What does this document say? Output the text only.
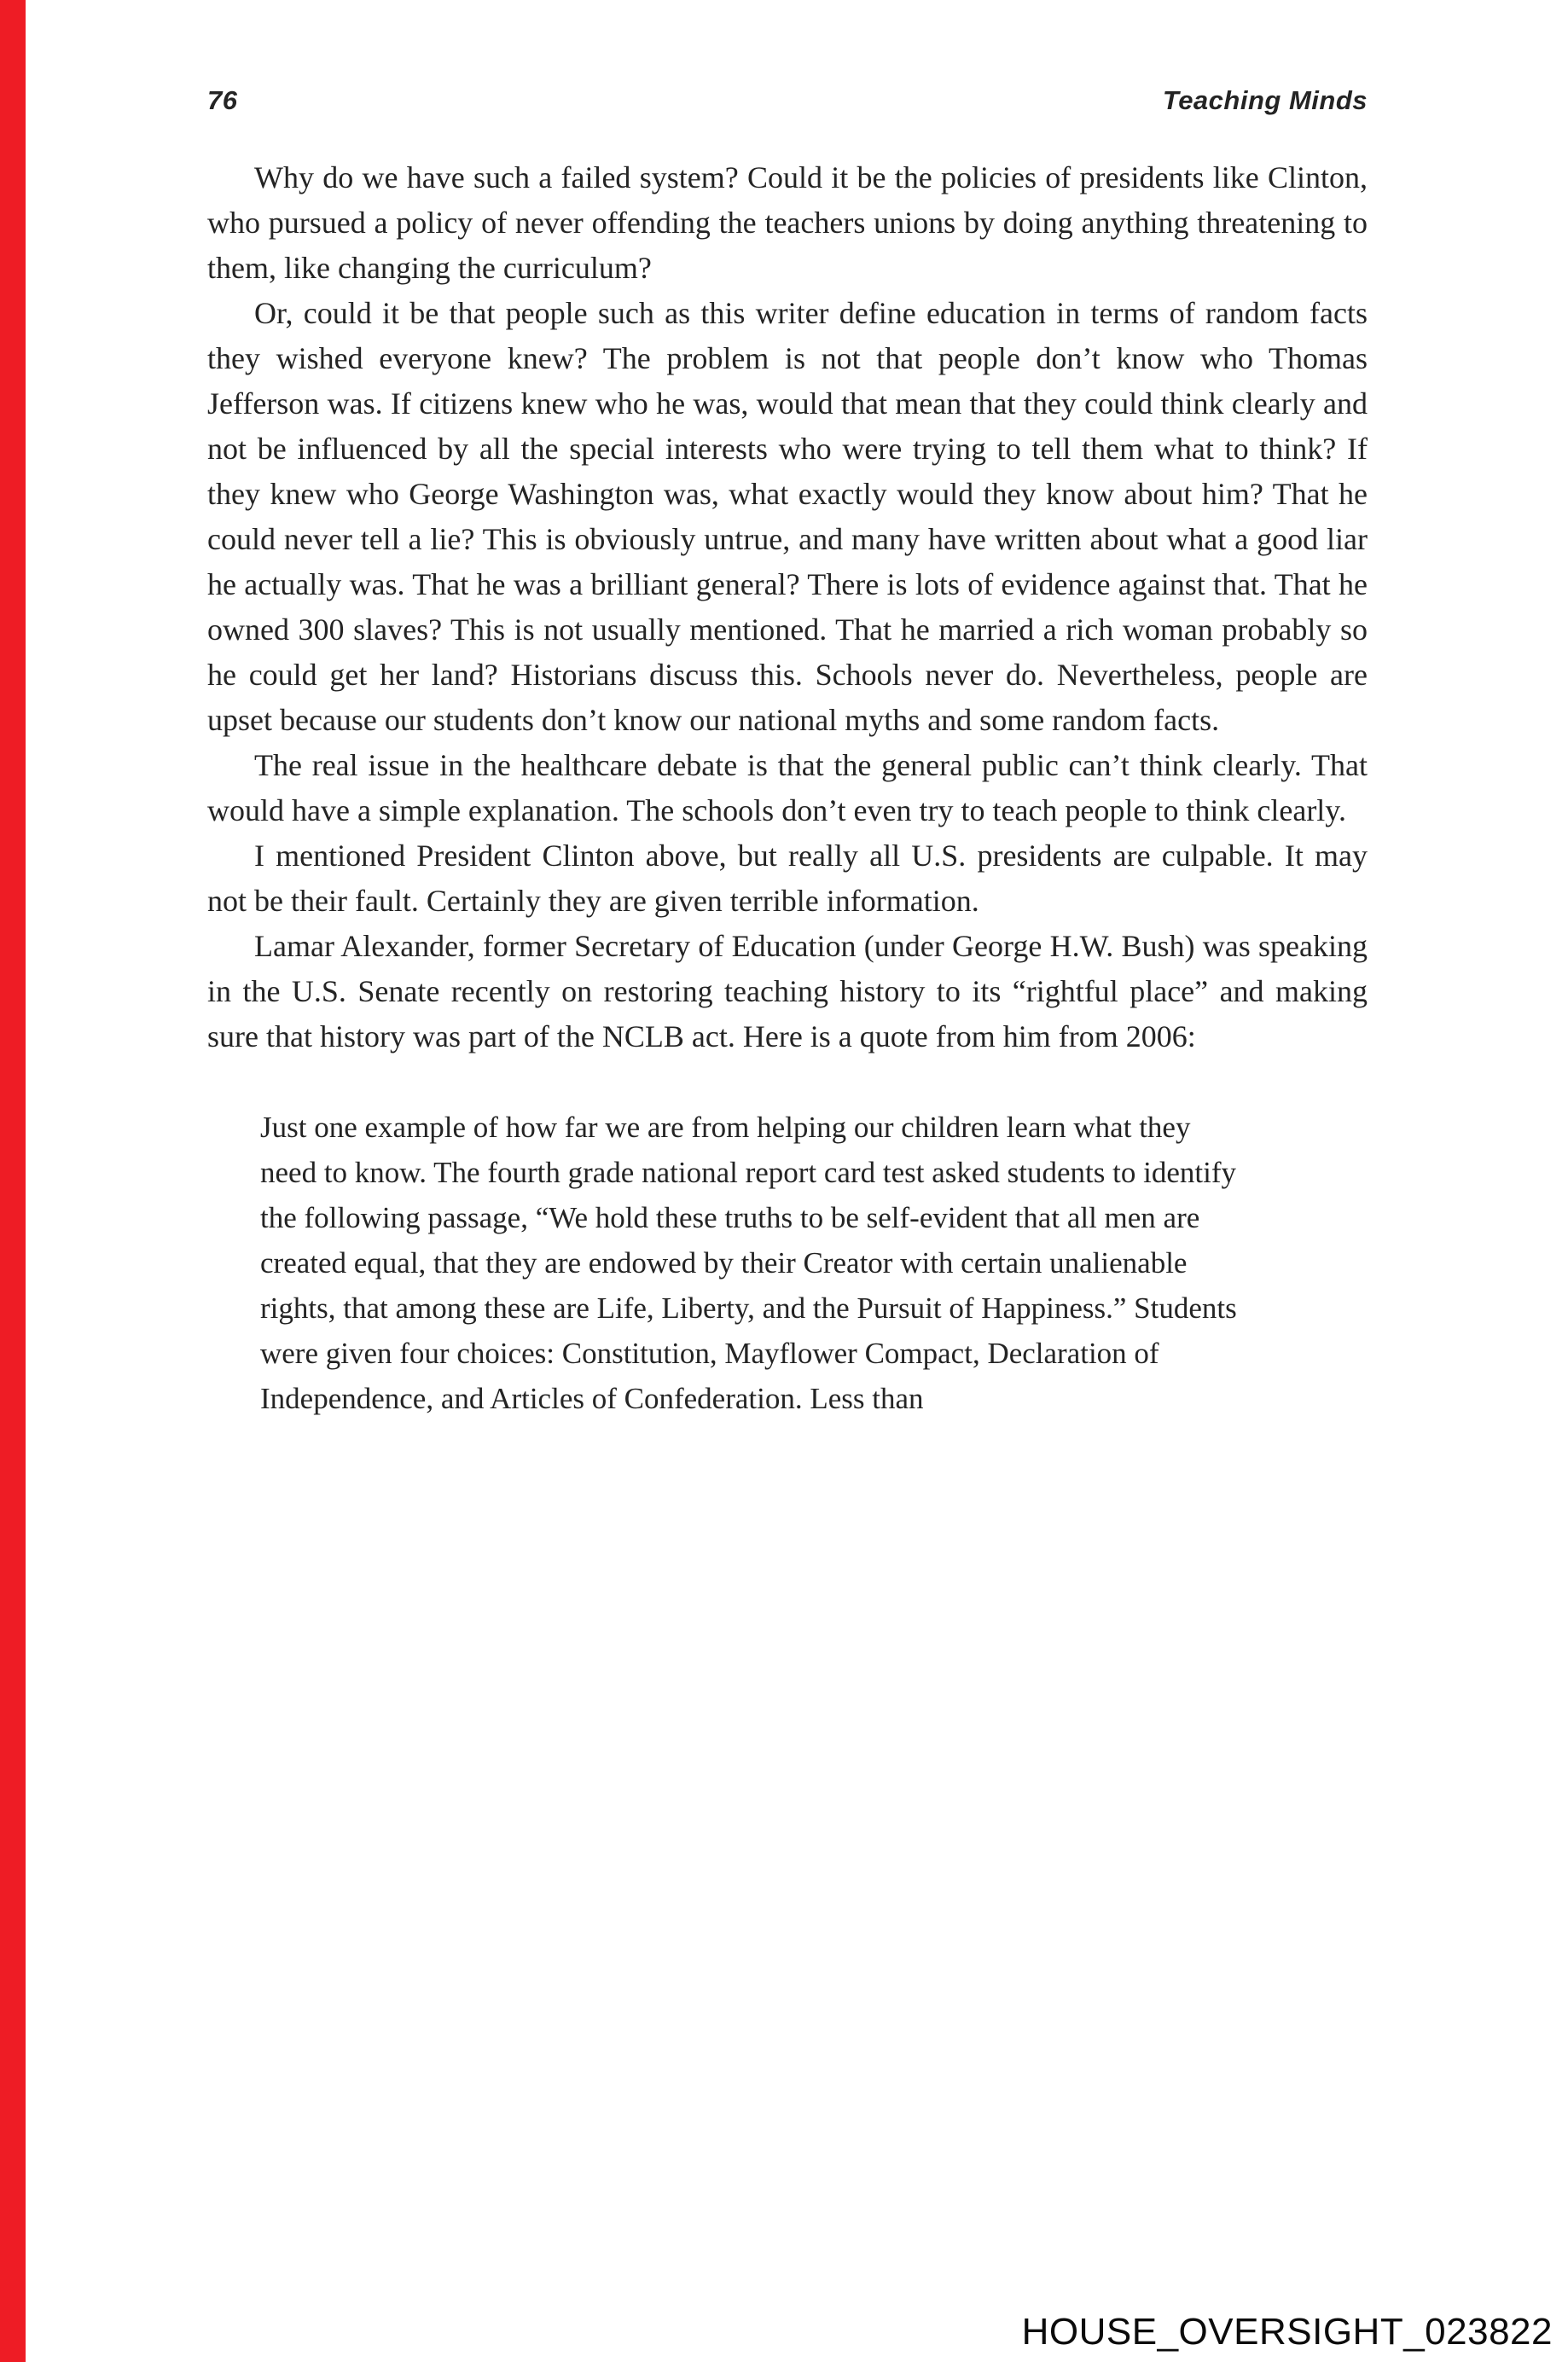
76	Teaching Minds

Why do we have such a failed system? Could it be the policies of presidents like Clinton, who pursued a policy of never offending the teachers unions by doing anything threatening to them, like changing the curriculum?

Or, could it be that people such as this writer define education in terms of random facts they wished everyone knew? The problem is not that people don’t know who Thomas Jefferson was. If citizens knew who he was, would that mean that they could think clearly and not be influenced by all the special interests who were trying to tell them what to think? If they knew who George Washington was, what exactly would they know about him? That he could never tell a lie? This is obviously untrue, and many have written about what a good liar he actually was. That he was a brilliant general? There is lots of evidence against that. That he owned 300 slaves? This is not usually mentioned. That he married a rich woman probably so he could get her land? Historians discuss this. Schools never do. Nevertheless, people are upset because our students don’t know our national myths and some random facts.

The real issue in the healthcare debate is that the general public can’t think clearly. That would have a simple explanation. The schools don’t even try to teach people to think clearly.

I mentioned President Clinton above, but really all U.S. presidents are culpable. It may not be their fault. Certainly they are given terrible information.

Lamar Alexander, former Secretary of Education (under George H.W. Bush) was speaking in the U.S. Senate recently on restoring teaching history to its “rightful place” and making sure that history was part of the NCLB act. Here is a quote from him from 2006:

Just one example of how far we are from helping our children learn what they need to know. The fourth grade national report card test asked students to identify the following passage, “We hold these truths to be self-evident that all men are created equal, that they are endowed by their Creator with certain unalienable rights, that among these are Life, Liberty, and the Pursuit of Happiness.” Students were given four choices: Constitution, Mayflower Compact, Declaration of Independence, and Articles of Confederation. Less than
HOUSE_OVERSIGHT_023822
